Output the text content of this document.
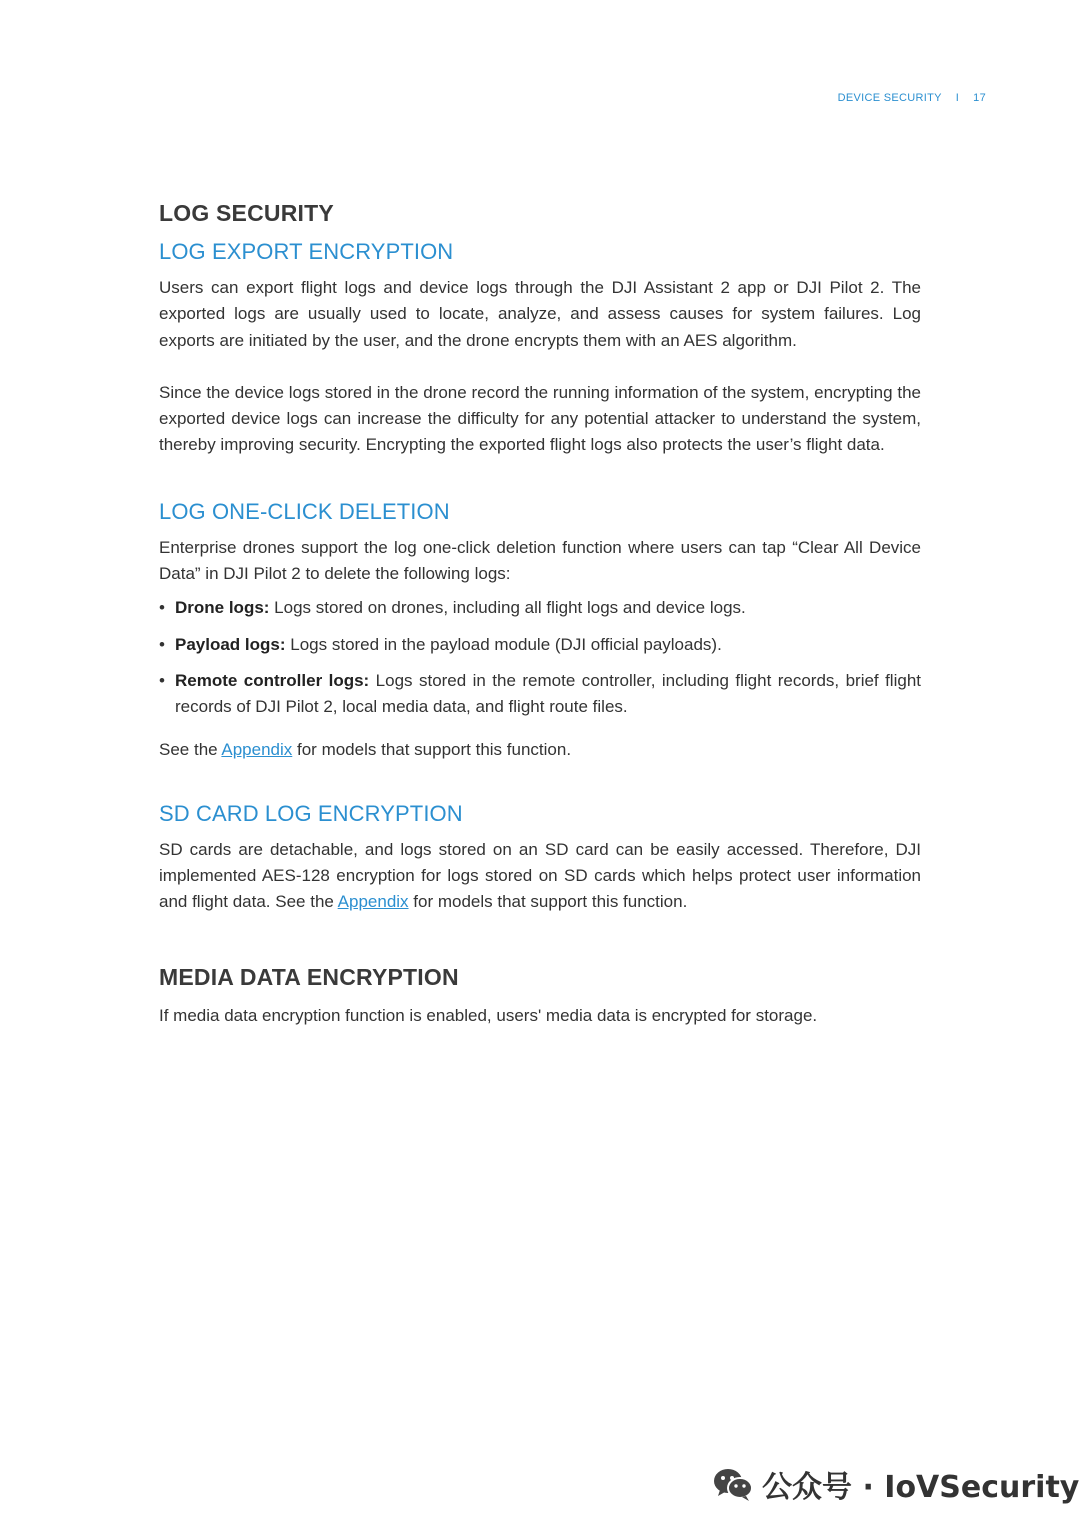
DEVICE SECURITY I 17
LOG SECURITY
LOG EXPORT ENCRYPTION

Users can export flight logs and device logs through the DJI Assistant 2 app or DJI Pilot 2. The exported logs are usually used to locate, analyze, and assess causes for system failures. Log exports are initiated by the user, and the drone encrypts them with an AES algorithm.

Since the device logs stored in the drone record the running information of the system, encrypting the exported device logs can increase the difficulty for any potential attacker to understand the system, thereby improving security. Encrypting the exported flight logs also protects the user’s flight data.

LOG ONE-CLICK DELETION

Enterprise drones support the log one-click deletion function where users can tap “Clear All Device Data” in DJI Pilot 2 to delete the following logs:

• Drone logs: Logs stored on drones, including all flight logs and device logs.
• Payload logs: Logs stored in the payload module (DJI official payloads).
• Remote controller logs: Logs stored in the remote controller, including flight records, brief flight records of DJI Pilot 2, local media data, and flight route files.

See the Appendix for models that support this function.

SD CARD LOG ENCRYPTION

SD cards are detachable, and logs stored on an SD card can be easily accessed. Therefore, DJI implemented AES-128 encryption for logs stored on SD cards which helps protect user information and flight data. See the Appendix for models that support this function.

MEDIA DATA ENCRYPTION

If media data encryption function is enabled, users' media data is encrypted for storage.

公众号 · IoVSecurity
